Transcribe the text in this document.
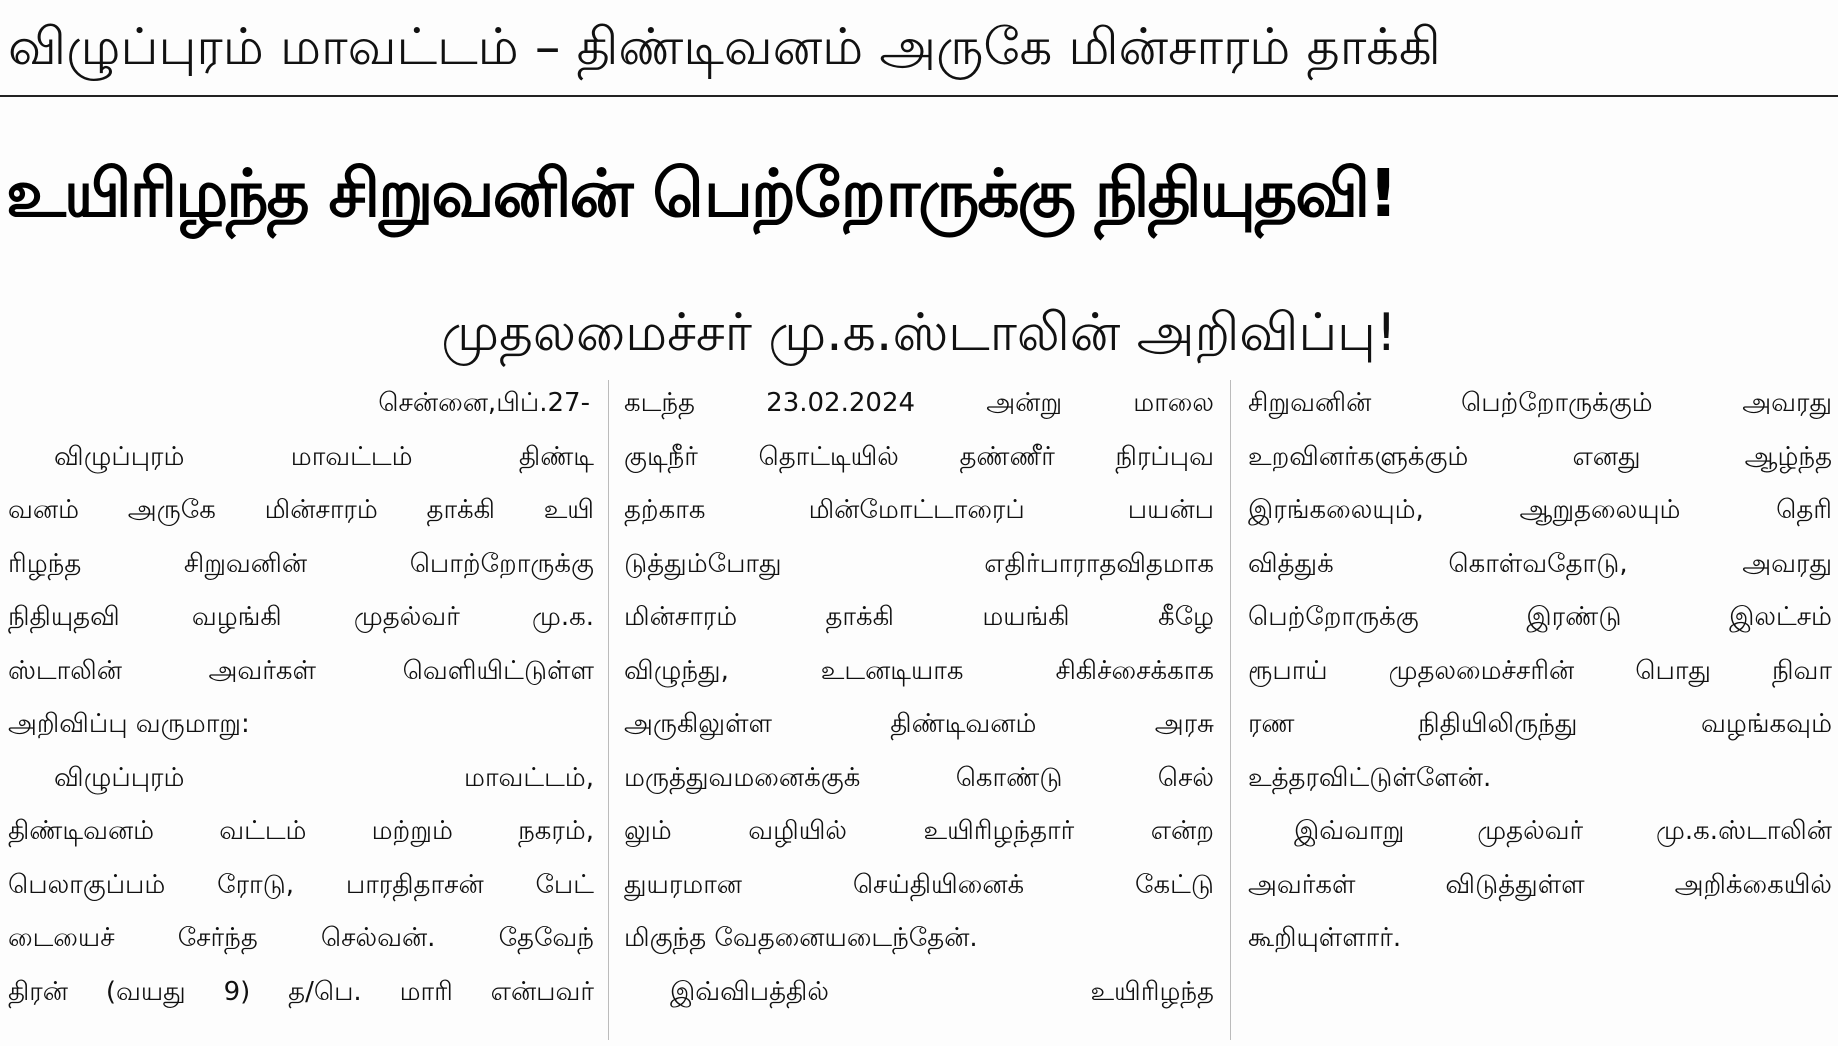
விழுப்புரம் மாவட்டம் – திண்டிவனம் அருகே மின்சாரம் தாக்கி
உயிரிழந்த சிறுவனின் பெற்றோருக்கு நிதியுதவி!
முதலமைச்சர் மு.க.ஸ்டாலின் அறிவிப்பு!
சென்னை,பிப்.27-
விழுப்புரம்	மாவட்டம்	திண்டி
வனம் அருகே மின்சாரம் தாக்கி உயி
ரிழந்த	சிறுவனின்	பொற்றோருக்கு
நிதியுதவி	வழங்கி	முதல்வர்	மு.க.
ஸ்டாலின்	அவர்கள்	வெளியிட்டுள்ள
அறிவிப்பு வருமாறு:
விழுப்புரம்	மாவட்டம்,
திண்டிவனம்	வட்டம்	மற்றும்	நகரம்,
பெலாகுப்பம் ரோடு, பாரதிதாசன் பேட்
டையைச் சேர்ந்த செல்வன். தேவேந்
திரன் (வயது 9) த/பெ. மாரி என்பவர்
கடந்த	23.02.2024	அன்று	மாலை
குடிநீர் தொட்டியில் தண்ணீர் நிரப்புவ
தற்காக	மின்மோட்டாரைப்	பயன்ப
டுத்தும்போது	எதிர்பாராதவிதமாக
மின்சாரம்	தாக்கி	மயங்கி	கீழே
விழுந்து,	உடனடியாக	சிகிச்சைக்காக
அருகிலுள்ள	திண்டிவனம்	அரசு
மருத்துவமனைக்குக்	கொண்டு	செல்
லும்	வழியில்	உயிரிழந்தார்	என்ற
துயரமான	செய்தியினைக்	கேட்டு
மிகுந்த வேதனையடைந்தேன்.
இவ்விபத்தில்	உயிரிழந்த
சிறுவனின்	பெற்றோருக்கும்	அவரது
உறவினர்களுக்கும்	எனது	ஆழ்ந்த
இரங்கலையும்,	ஆறுதலையும்	தெரி
வித்துக்	கொள்வதோடு,	அவரது
பெற்றோருக்கு	இரண்டு	இலட்சம்
ரூபாய் முதலமைச்சரின் பொது நிவா
ரண	நிதியிலிருந்து	வழங்கவும்
உத்தரவிட்டுள்ளேன்.
இவ்வாறு	முதல்வர்	மு.க.ஸ்டாலின்
அவர்கள்	விடுத்துள்ள	அறிக்கையில்
கூறியுள்ளார்.
